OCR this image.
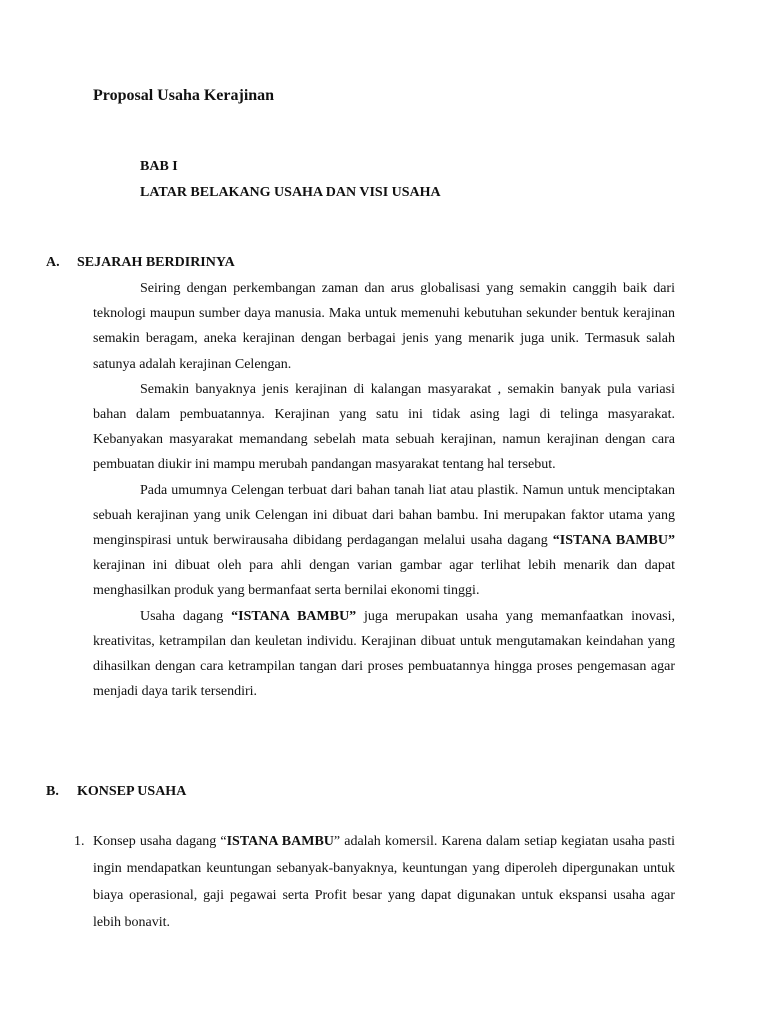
Proposal Usaha Kerajinan
BAB I
LATAR BELAKANG USAHA DAN VISI USAHA
A. SEJARAH BERDIRINYA

Seiring dengan perkembangan zaman dan arus globalisasi yang semakin canggih baik dari teknologi maupun sumber daya manusia. Maka untuk memenuhi kebutuhan sekunder bentuk kerajinan semakin beragam, aneka kerajinan dengan berbagai jenis yang menarik juga unik. Termasuk salah satunya adalah kerajinan Celengan.

Semakin banyaknya jenis kerajinan di kalangan masyarakat , semakin banyak pula variasi bahan dalam pembuatannya. Kerajinan yang satu ini tidak asing lagi di telinga masyarakat. Kebanyakan masyarakat memandang sebelah mata sebuah kerajinan, namun kerajinan dengan cara pembuatan diukir ini mampu merubah pandangan masyarakat tentang hal tersebut.

Pada umumnya Celengan terbuat dari bahan tanah liat atau plastik. Namun untuk menciptakan sebuah kerajinan yang unik Celengan ini dibuat dari bahan bambu. Ini merupakan faktor utama yang menginspirasi untuk berwirausaha dibidang perdagangan melalui usaha dagang “ISTANA BAMBU” kerajinan ini dibuat oleh para ahli dengan varian gambar agar terlihat lebih menarik dan dapat menghasilkan produk yang bermanfaat serta bernilai ekonomi tinggi.

Usaha dagang “ISTANA BAMBU” juga merupakan usaha yang memanfaatkan inovasi, kreativitas, ketrampilan dan keuletan individu. Kerajinan dibuat untuk mengutamakan keindahan yang dihasilkan dengan cara ketrampilan tangan dari proses pembuatannya hingga proses pengemasan agar menjadi daya tarik tersendiri.

B. KONSEP USAHA
1. Konsep usaha dagang “ISTANA BAMBU” adalah komersil. Karena dalam setiap kegiatan usaha pasti ingin mendapatkan keuntungan sebanyak-banyaknya, keuntungan yang diperoleh dipergunakan untuk biaya operasional, gaji pegawai serta Profit besar yang dapat digunakan untuk ekspansi usaha agar lebih bonavit.
